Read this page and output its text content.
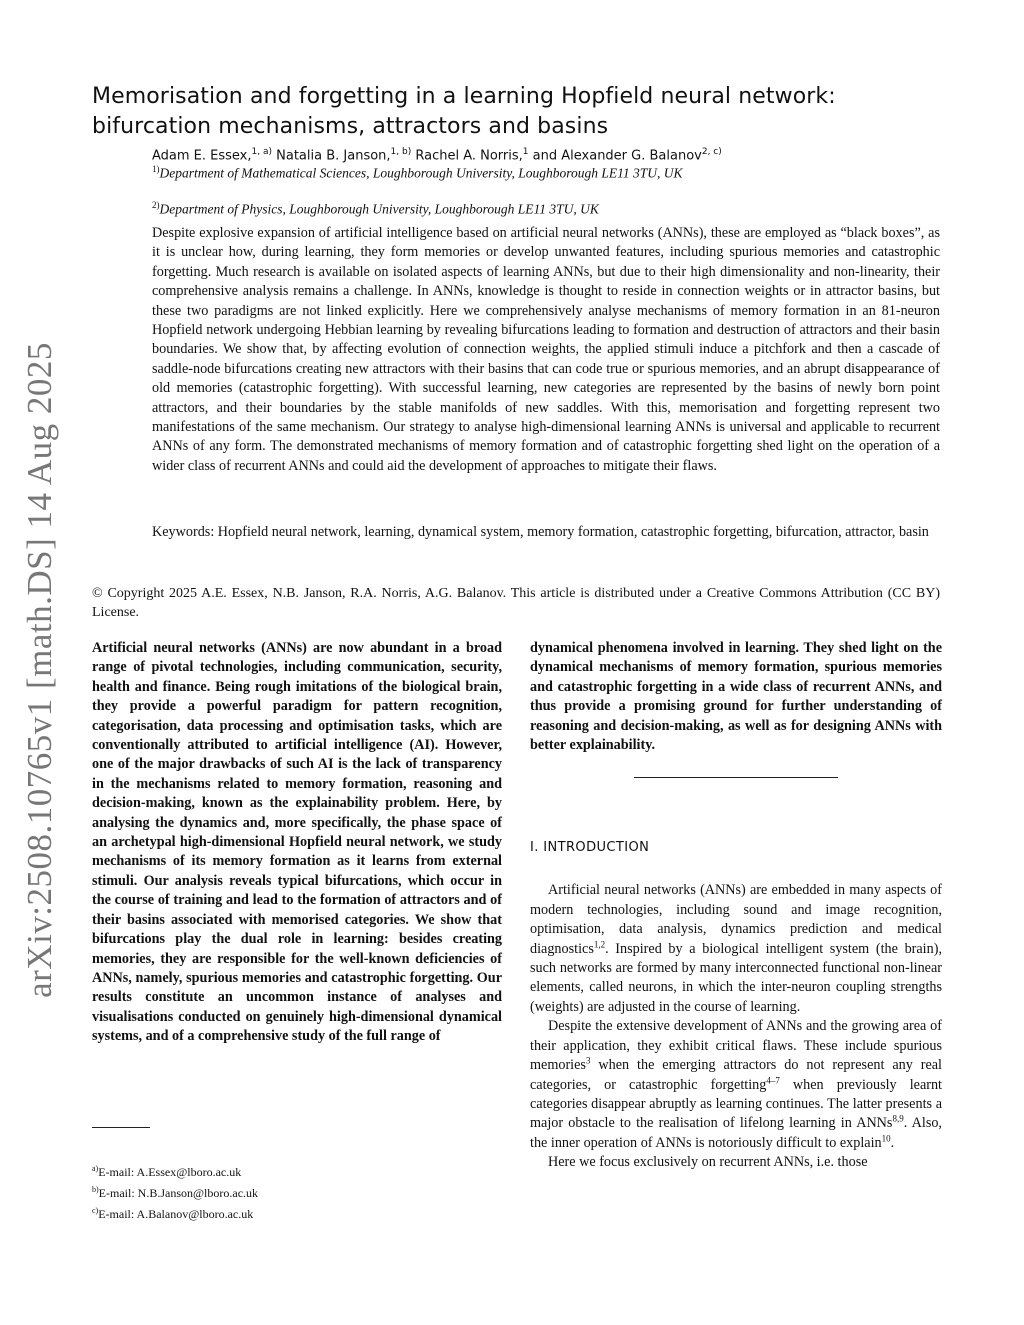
arXiv:2508.10765v1 [math.DS] 14 Aug 2025
Memorisation and forgetting in a learning Hopfield neural network: bifurcation mechanisms, attractors and basins
Adam E. Essex,$^{1, a)}$ Natalia B. Janson,$^{1, b)}$ Rachel A. Norris,$^1$ and Alexander G. Balanov$^{2, c)}$
$^{1)}$Department of Mathematical Sciences, Loughborough University, Loughborough LE11 3TU, UK
$^{2)}$Department of Physics, Loughborough University, Loughborough LE11 3TU, UK

Despite explosive expansion of artificial intelligence based on artificial neural networks (ANNs), these are employed as “black boxes”, as it is unclear how, during learning, they form memories or develop unwanted features, including spurious memories and catastrophic forgetting. Much research is available on isolated aspects of learning ANNs, but due to their high dimensionality and non-linearity, their comprehensive analysis remains a challenge. In ANNs, knowledge is thought to reside in connection weights or in attractor basins, but these two paradigms are not linked explicitly. Here we comprehensively analyse mechanisms of memory formation in an 81-neuron Hopfield network undergoing Hebbian learning by revealing bifurcations leading to formation and destruction of attractors and their basin boundaries. We show that, by affecting evolution of connection weights, the applied stimuli induce a pitchfork and then a cascade of saddle-node bifurcations creating new attractors with their basins that can code true or spurious memories, and an abrupt disappearance of old memories (catastrophic forgetting). With successful learning, new categories are represented by the basins of newly born point attractors, and their boundaries by the stable manifolds of new saddles. With this, memorisation and forgetting represent two manifestations of the same mechanism. Our strategy to analyse high-dimensional learning ANNs is universal and applicable to recurrent ANNs of any form. The demonstrated mechanisms of memory formation and of catastrophic forgetting shed light on the operation of a wider class of recurrent ANNs and could aid the development of approaches to mitigate their flaws.

Keywords: Hopfield neural network, learning, dynamical system, memory formation, catastrophic forgetting, bifurcation, attractor, basin

© Copyright 2025 A.E. Essex, N.B. Janson, R.A. Norris, A.G. Balanov. This article is distributed under a Creative Commons Attribution (CC BY) License.

Artificial neural networks (ANNs) are now abundant in a broad range of pivotal technologies, including communication, security, health and finance. Being rough imitations of the biological brain, they provide a powerful paradigm for pattern recognition, categorisation, data processing and optimisation tasks, which are conventionally attributed to artificial intelligence (AI). However, one of the major drawbacks of such AI is the lack of transparency in the mechanisms related to memory formation, reasoning and decision-making, known as the explainability problem. Here, by analysing the dynamics and, more specifically, the phase space of an archetypal high-dimensional Hopfield neural network, we study mechanisms of its memory formation as it learns from external stimuli. Our analysis reveals typical bifurcations, which occur in the course of training and lead to the formation of attractors and of their basins associated with memorised categories. We show that bifurcations play the dual role in learning: besides creating memories, they are responsible for the well-known deficiencies of ANNs, namely, spurious memories and catastrophic forgetting. Our results constitute an uncommon instance of analyses and visualisations conducted on genuinely high-dimensional dynamical systems, and of a comprehensive study of the full range of

dynamical phenomena involved in learning. They shed light on the dynamical mechanisms of memory formation, spurious memories and catastrophic forgetting in a wide class of recurrent ANNs, and thus provide a promising ground for further understanding of reasoning and decision-making, as well as for designing ANNs with better explainability.

I. INTRODUCTION

Artificial neural networks (ANNs) are embedded in many aspects of modern technologies, including sound and image recognition, optimisation, data analysis, dynamics prediction and medical diagnostics$^{1,2}$. Inspired by a biological intelligent system (the brain), such networks are formed by many interconnected functional non-linear elements, called neurons, in which the inter-neuron coupling strengths (weights) are adjusted in the course of learning.

Despite the extensive development of ANNs and the growing area of their application, they exhibit critical flaws. These include spurious memories$^3$ when the emerging attractors do not represent any real categories, or catastrophic forgetting$^{4-7}$ when previously learnt categories disappear abruptly as learning continues. The latter presents a major obstacle to the realisation of lifelong learning in ANNs$^{8,9}$. Also, the inner operation of ANNs is notoriously difficult to explain$^{10}$.

Here we focus exclusively on recurrent ANNs, i.e. those

$^{a)}$E-mail: A.Essex@lboro.ac.uk
$^{b)}$E-mail: N.B.Janson@lboro.ac.uk
$^{c)}$E-mail: A.Balanov@lboro.ac.uk
